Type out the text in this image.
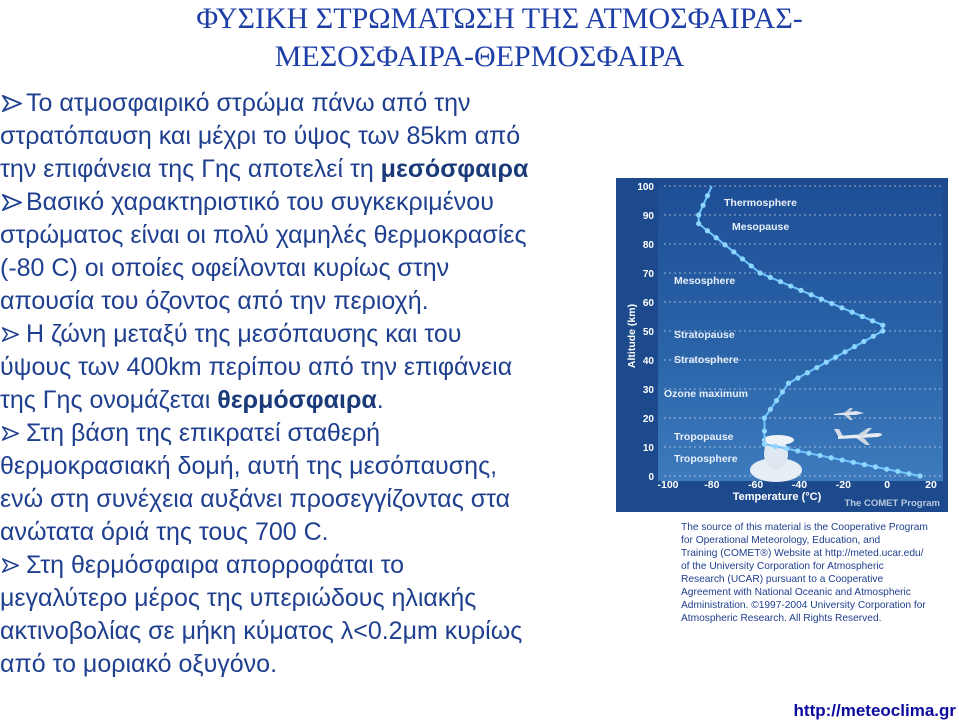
ΦΥΣΙΚΗ ΣΤΡΩΜΑΤΩΣΗ ΤΗΣ ΑΤΜΟΣΦΑΙΡΑΣ-
ΜΕΣΟΣΦΑΙΡΑ-ΘΕΡΜΟΣΦΑΙΡΑ
Το ατμοσφαιρικό στρώμα πάνω από την
στρατόπαυση και μέχρι το ύψος των 85km από
την επιφάνεια της Γης αποτελεί τη μεσόσφαιρα
Βασικό χαρακτηριστικό του συγκεκριμένου
στρώματος είναι οι πολύ χαμηλές θερμοκρασίες
(-80 C) οι οποίες οφείλονται κυρίως στην
απουσία του όζοντος από την περιοχή.
Η ζώνη μεταξύ της μεσόπαυσης και του
ύψους των 400km περίπου από την επιφάνεια
της Γης ονομάζεται θερμόσφαιρα.
Στη βάση της επικρατεί σταθερή
θερμοκρασιακή δομή, αυτή της μεσόπαυσης,
ενώ στη συνέχεια αυξάνει προσεγγίζοντας στα
ανώτατα όριά της τους 700 C.
Στη θερμόσφαιρα απορροφάται το
μεγαλύτερο μέρος της υπεριώδους ηλιακής
ακτινοβολίας σε μήκη κύματος λ<0.2μm κυρίως
από το μοριακό οξυγόνο.
100
90
80
70
60
50
40
30
20
10
0
-100 -80	-60	-40	-20	0	20
Thermosphere
Mesopause
Mesosphere
Stratopause
Stratosphere
Ozone maximum
Tropopause
Troposphere
Altitude (km)
Temperature (°C)
The COMET Program
The source of this material is the Cooperative Program
for Operational Meteorology, Education, and
Training (COMET®) Website at http://meted.ucar.edu/
of the University Corporation for Atmospheric
Research (UCAR) pursuant to a Cooperative
Agreement with National Oceanic and Atmospheric
Administration. ©1997-2004 University Corporation for
Atmospheric Research. All Rights Reserved.
http://meteoclima.gr
